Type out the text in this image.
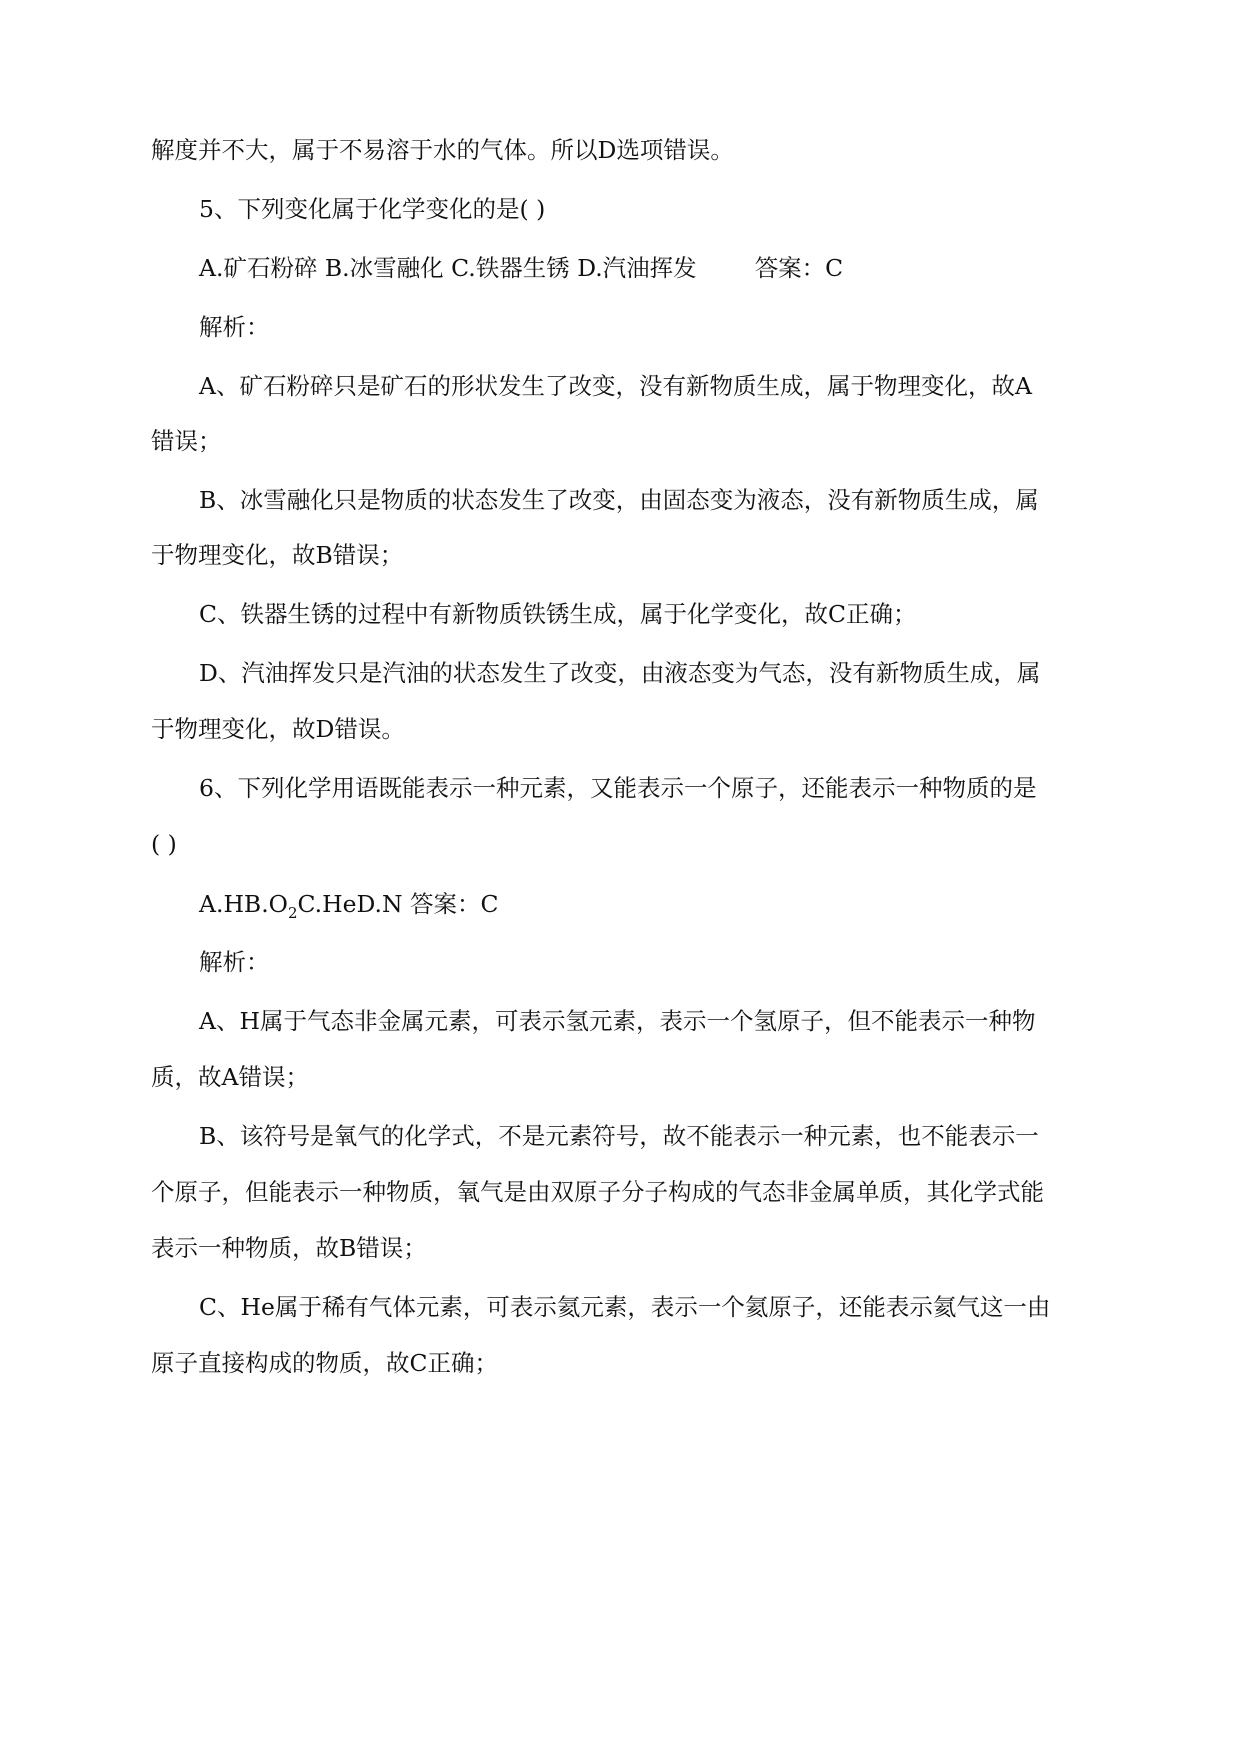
解度并不大，属于不易溶于水的气体。所以D选项错误。
5、下列变化属于化学变化的是( )
A.矿石粉碎 B.冰雪融化 C.铁器生锈 D.汽油挥发 答案：C
解析：
A、矿石粉碎只是矿石的形状发生了改变，没有新物质生成，属于物理变化，故A
错误；
B、冰雪融化只是物质的状态发生了改变，由固态变为液态，没有新物质生成，属
于物理变化，故B错误；
C、铁器生锈的过程中有新物质铁锈生成，属于化学变化，故C正确；
D、汽油挥发只是汽油的状态发生了改变，由液态变为气态，没有新物质生成，属
于物理变化，故D错误。
6、下列化学用语既能表示一种元素，又能表示一个原子，还能表示一种物质的是
( )
$A.HB.O_2C.HeD.N$ 答案：C
解析：
A、H属于气态非金属元素，可表示氢元素，表示一个氢原子，但不能表示一种物
质，故A错误；
B、该符号是氧气的化学式，不是元素符号，故不能表示一种元素，也不能表示一
个原子，但能表示一种物质，氧气是由双原子分子构成的气态非金属单质，其化学式能
表示一种物质，故B错误；
C、He属于稀有气体元素，可表示氦元素，表示一个氦原子，还能表示氦气这一由
原子直接构成的物质，故C正确；
